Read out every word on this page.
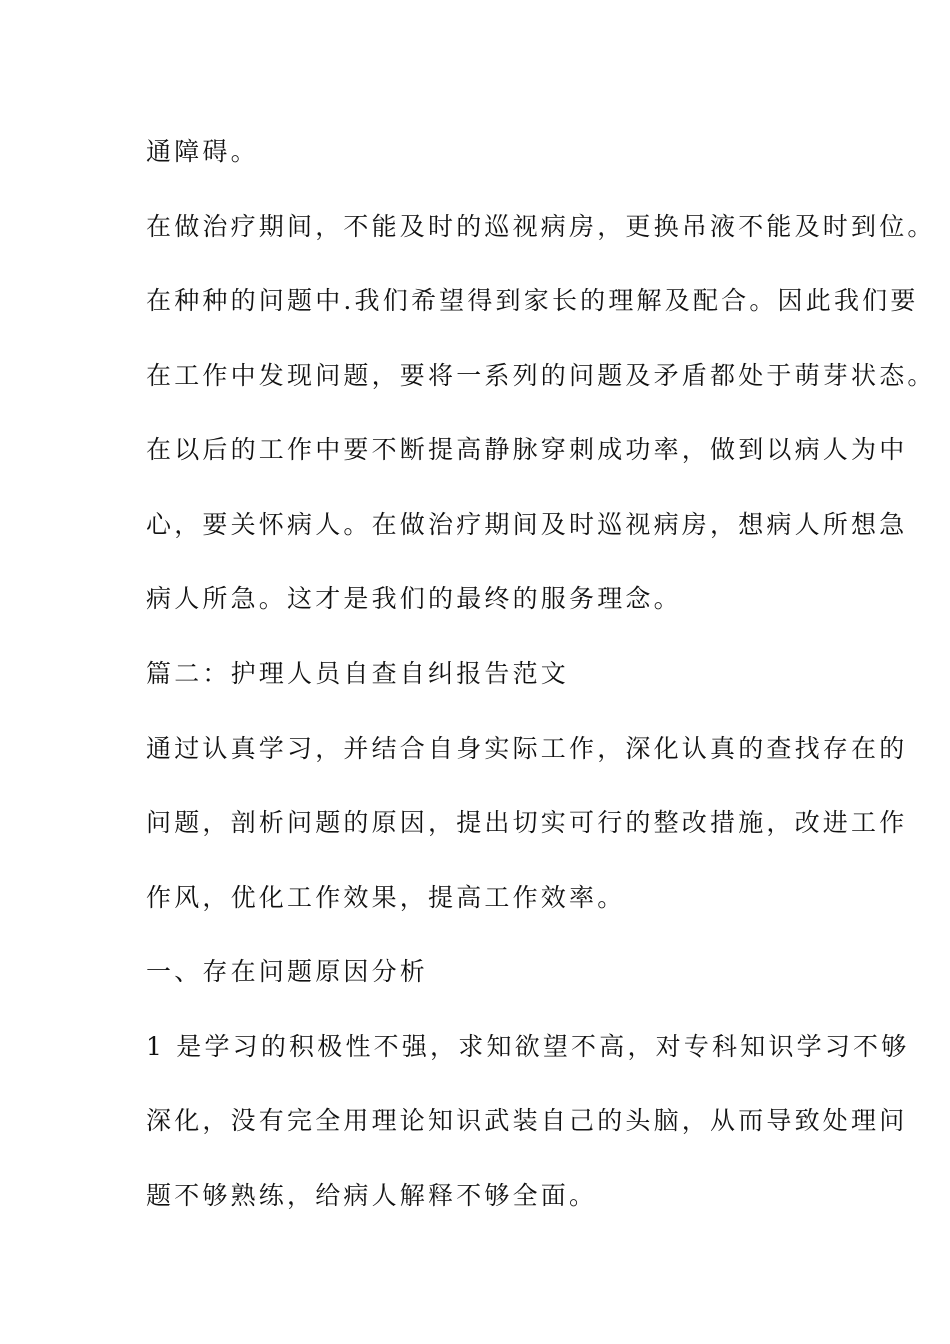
通障碍。
在做治疗期间，不能及时的巡视病房，更换吊液不能及时到位。
在种种的问题中.我们希望得到家长的理解及配合。因此我们要
在工作中发现问题，要将一系列的问题及矛盾都处于萌芽状态。
在以后的工作中要不断提高静脉穿刺成功率，做到以病人为中
心，要关怀病人。在做治疗期间及时巡视病房，想病人所想急
病人所急。这才是我们的最终的服务理念。
篇二：护理人员自查自纠报告范文
通过认真学习，并结合自身实际工作，深化认真的查找存在的
问题，剖析问题的原因，提出切实可行的整改措施，改进工作
作风，优化工作效果，提高工作效率。
一、存在问题原因分析
1 是学习的积极性不强，求知欲望不高，对专科知识学习不够
深化，没有完全用理论知识武装自己的头脑，从而导致处理问
题不够熟练，给病人解释不够全面。
